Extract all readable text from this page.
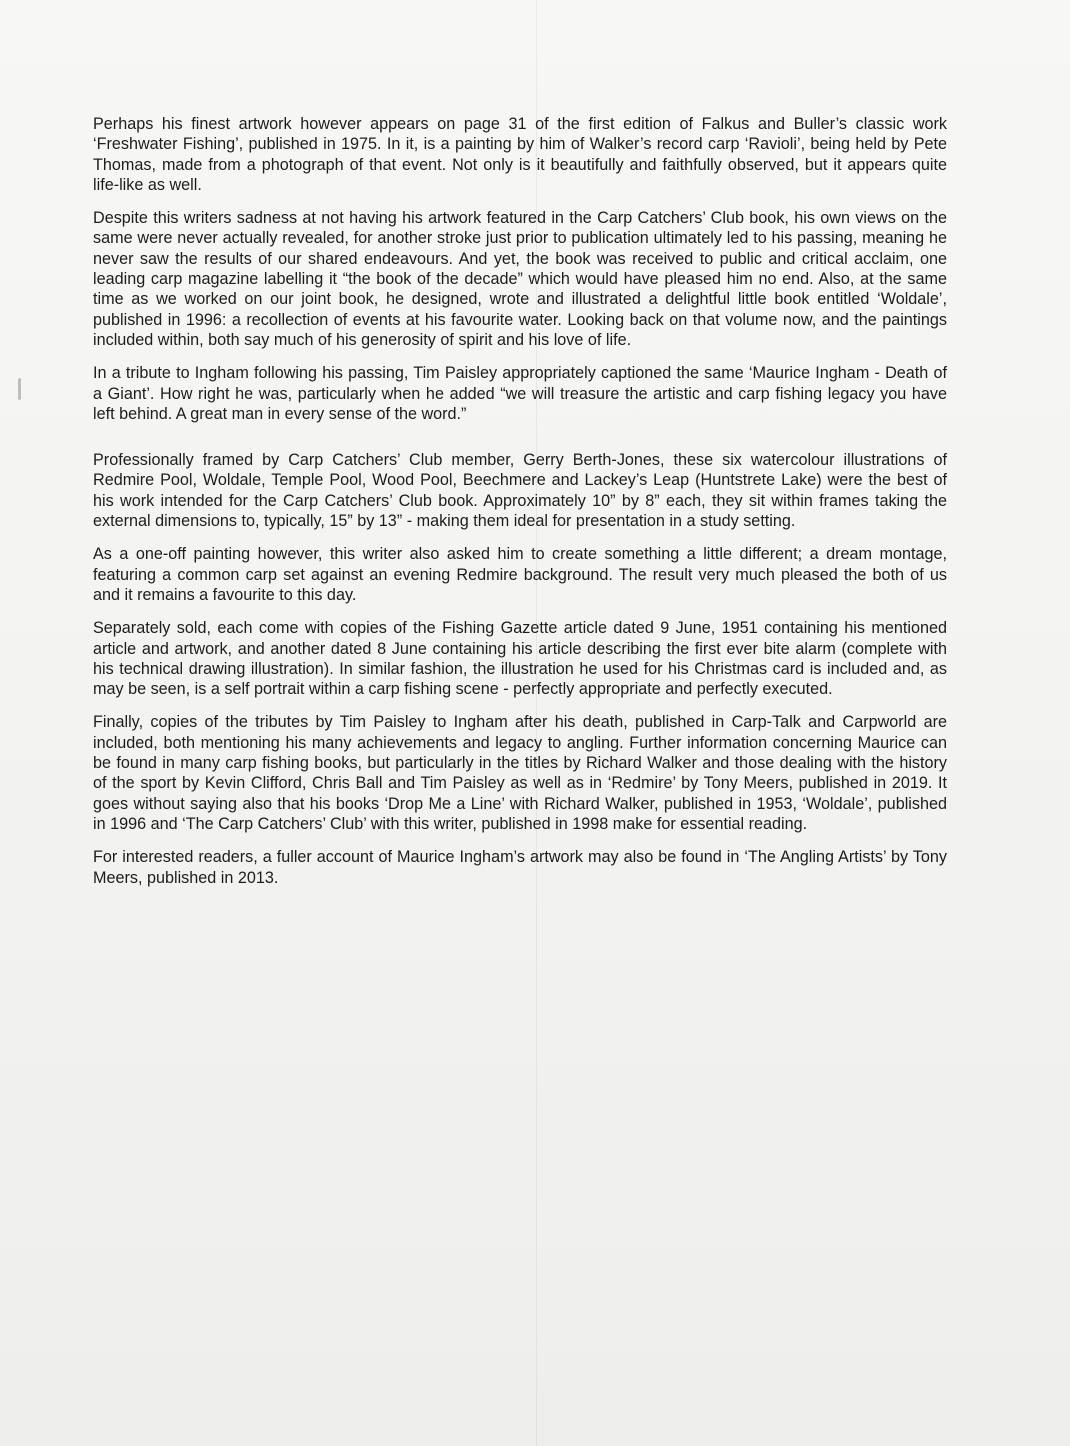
Perhaps his finest artwork however appears on page 31 of the first edition of Falkus and Buller’s classic work ‘Freshwater Fishing’, published in 1975. In it, is a painting by him of Walker’s record carp ‘Ravioli’, being held by Pete Thomas, made from a photograph of that event. Not only is it beautifully and faithfully observed, but it appears quite life-like as well.

Despite this writers sadness at not having his artwork featured in the Carp Catchers’ Club book, his own views on the same were never actually revealed, for another stroke just prior to publication ultimately led to his passing, meaning he never saw the results of our shared endeavours. And yet, the book was received to public and critical acclaim, one leading carp magazine labelling it “the book of the decade” which would have pleased him no end. Also, at the same time as we worked on our joint book, he designed, wrote and illustrated a delightful little book entitled ‘Woldale’, published in 1996: a recollection of events at his favourite water. Looking back on that volume now, and the paintings included within, both say much of his generosity of spirit and his love of life.

In a tribute to Ingham following his passing, Tim Paisley appropriately captioned the same ‘Maurice Ingham - Death of a Giant’. How right he was, particularly when he added “we will treasure the artistic and carp fishing legacy you have left behind. A great man in every sense of the word.”

Professionally framed by Carp Catchers’ Club member, Gerry Berth-Jones, these six watercolour illustrations of Redmire Pool, Woldale, Temple Pool, Wood Pool, Beechmere and Lackey’s Leap (Huntstrete Lake) were the best of his work intended for the Carp Catchers’ Club book. Approximately 10” by 8” each, they sit within frames taking the external dimensions to, typically, 15” by 13” - making them ideal for presentation in a study setting.

As a one-off painting however, this writer also asked him to create something a little different; a dream montage, featuring a common carp set against an evening Redmire background. The result very much pleased the both of us and it remains a favourite to this day.

Separately sold, each come with copies of the Fishing Gazette article dated 9 June, 1951 containing his mentioned article and artwork, and another dated 8 June containing his article describing the first ever bite alarm (complete with his technical drawing illustration). In similar fashion, the illustration he used for his Christmas card is included and, as may be seen, is a self portrait within a carp fishing scene - perfectly appropriate and perfectly executed.

Finally, copies of the tributes by Tim Paisley to Ingham after his death, published in Carp-Talk and Carpworld are included, both mentioning his many achievements and legacy to angling. Further information concerning Maurice can be found in many carp fishing books, but particularly in the titles by Richard Walker and those dealing with the history of the sport by Kevin Clifford, Chris Ball and Tim Paisley as well as in ‘Redmire’ by Tony Meers, published in 2019. It goes without saying also that his books ‘Drop Me a Line’ with Richard Walker, published in 1953, ‘Woldale’, published in 1996 and ‘The Carp Catchers’ Club’ with this writer, published in 1998 make for essential reading.

For interested readers, a fuller account of Maurice Ingham’s artwork may also be found in ‘The Angling Artists’ by Tony Meers, published in 2013.
